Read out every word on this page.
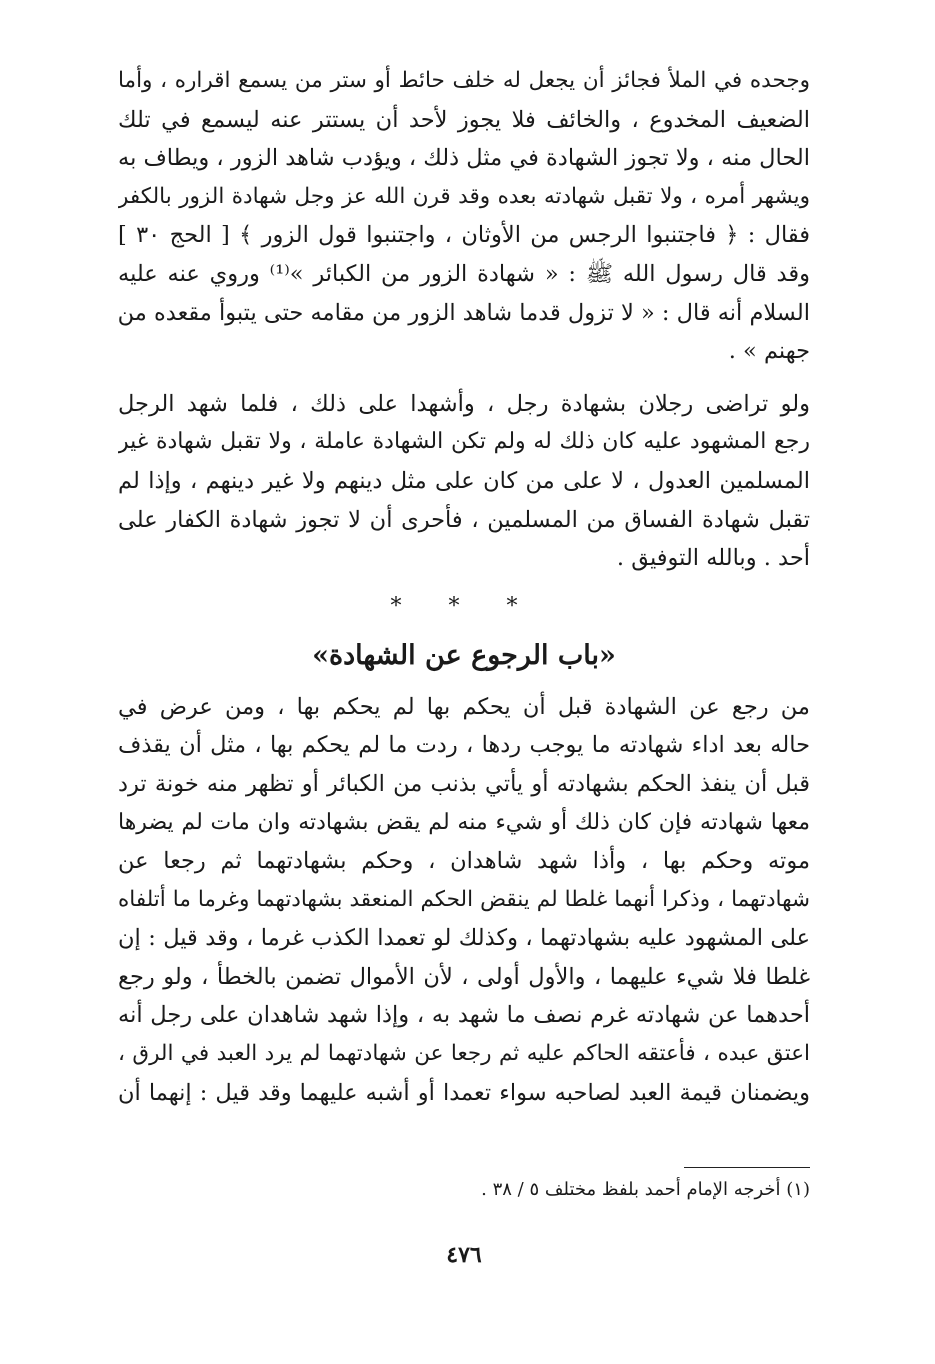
وجحده في الملأ فجائز أن يجعل له خلف حائط أو ستر من يسمع اقراره ، وأما
الضعيف المخدوع ، والخائف فلا يجوز لأحد أن يستتر عنه ليسمع في تلك
الحال منه ، ولا تجوز الشهادة في مثل ذلك ، ويؤدب شاهد الزور ، ويطاف به
ويشهر أمره ، ولا تقبل شهادته بعده وقد قرن الله عز وجل شهادة الزور بالكفر
فقال : ﴿ فاجتنبوا الرجس من الأوثان ، واجتنبوا قول الزور ﴾ [ الحج ٣٠ ]
وقد قال رسول الله ﷺ : « شهادة الزور من الكبائر »⁽¹⁾ وروي عنه عليه
السلام أنه قال : « لا تزول قدما شاهد الزور من مقامه حتى يتبوأ مقعده من
جهنم » .
ولو تراضى رجلان بشهادة رجل ، وأشهدا على ذلك ، فلما شهد الرجل
رجع المشهود عليه كان ذلك له ولم تكن الشهادة عاملة ، ولا تقبل شهادة غير
المسلمين العدول ، لا على من كان على مثل دينهم ولا غير دينهم ، وإذا لم
تقبل شهادة الفساق من المسلمين ، فأحرى أن لا تجوز شهادة الكفار على
أحد . وبالله التوفيق .
* * *
«باب الرجوع عن الشهادة»
من رجع عن الشهادة قبل أن يحكم بها لم يحكم بها ، ومن عرض في
حاله بعد اداء شهادته ما يوجب ردها ، ردت ما لم يحكم بها ، مثل أن يقذف
قبل أن ينفذ الحكم بشهادته أو يأتي بذنب من الكبائر أو تظهر منه خونة ترد
معها شهادته فإن كان ذلك أو شيء منه لم يقض بشهادته وان مات لم يضرها
موته وحكم بها ، وأذا شهد شاهدان ، وحكم بشهادتهما ثم رجعا عن
شهادتهما ، وذكرا أنهما غلطا لم ينقض الحكم المنعقد بشهادتهما وغرما ما أتلفاه
على المشهود عليه بشهادتهما ، وكذلك لو تعمدا الكذب غرما ، وقد قيل : إن
غلطا فلا شيء عليهما ، والأول أولى ، لأن الأموال تضمن بالخطأ ، ولو رجع
أحدهما عن شهادته غرم نصف ما شهد به ، وإذا شهد شاهدان على رجل أنه
اعتق عبده ، فأعتقه الحاكم عليه ثم رجعا عن شهادتهما لم يرد العبد في الرق ،
ويضمنان قيمة العبد لصاحبه سواء تعمدا أو أشبه عليهما وقد قيل : إنهما أن
(١) أخرجه الإمام أحمد بلفظ مختلف ٥ / ٣٨ .
٤٧٦
